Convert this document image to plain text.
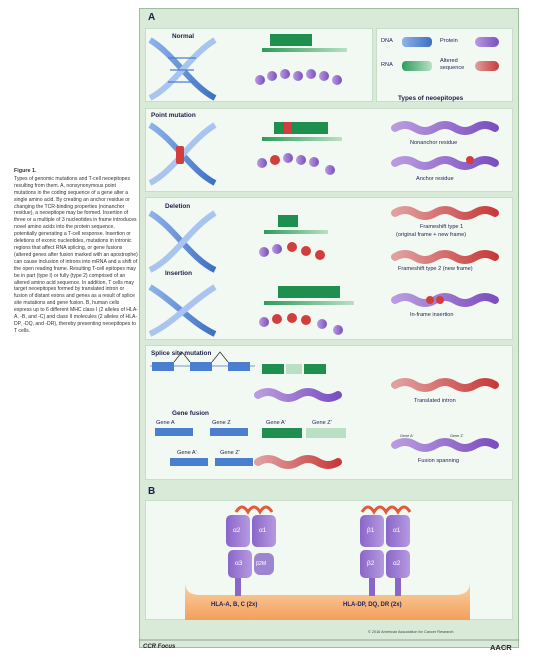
Figure 1.
Types of genomic mutations and T-cell neoepitopes resulting from them. A, nonsynonymous point mutations in the coding sequence of a gene alter a single amino acid. By creating an anchor residue or changing the TCR-binding properties (nonanchor residue), a neoepitope may be formed. Insertion of three or a multiple of 3 nucleotides in frame introduces novel amino acids into the protein sequence, potentially generating a T-cell response. Insertion or deletions of exonic nucleotides, mutations in intronic regions that affect RNA splicing, or gene fusions (altered genes after fusion marked with an apostrophe) can cause inclusion of introns into mRNA and a shift of the open reading frame. Resulting T-cell epitopes may be in part (type I) or fully (type 2) comprised of an altered amino acid sequence. In addition, T cells may target neoepitopes formed by translated intron or fusion of distant exons and genes as a result of splice site mutations and gene fusion. B, human cells express up to 6 different MHC class I (2 alleles of HLA-A, -B, and -C) and class II molecules (2 alleles of HLA-DP, -DQ, and -DR), thereby presenting neoepitopes to T cells.
A
B
Normal
DNA
RNA
Protein
Altered sequence
Types of neoepitopes
Point mutation
Nonanchor residue
Anchor residue
Deletion
Frameshift type 1
(original frame + new frame)
Frameshift type 2 (new frame)
Insertion
In-frame insertion
Splice site mutation
Translated intron
Gene fusion
Gene A	Gene Z
Gene A'	Gene Z'
Gene A'	Gene Z'
Gene A'	Gene Z'
Fusion spanning
α2	α1
α3	β2M
β1	α1
β2	α2
HLA-A, B, C (2x)	HLA-DP, DQ, DR (2x)
© 2016 American Association for Cancer Research
CCR Focus	AACR
